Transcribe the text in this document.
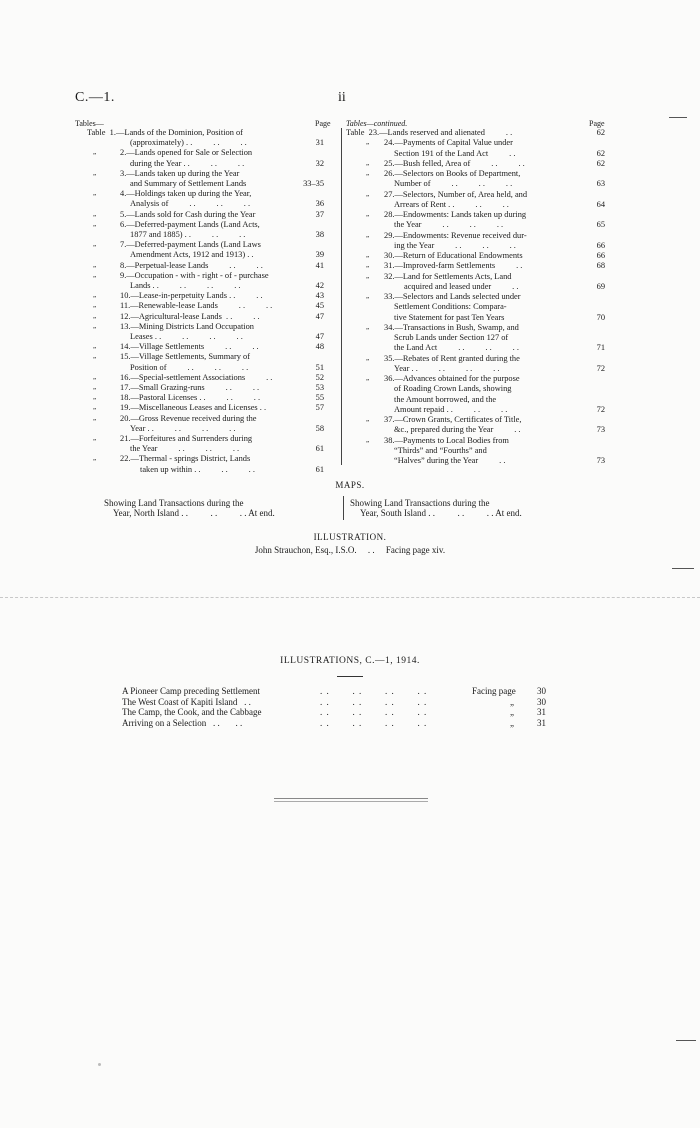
C.—1.	ii
Tables—	Page Tables—continued.	Page
Table  1.—Lands of the Dominion, Position of
(approximately) . .          . .          . .	31
„	2.—Lands opened for Sale or Selection
during the Year . .          . .          . .	32
„	3.—Lands taken up during the Year
and Summary of Settlement Lands	33–35
„	4.—Holdings taken up during the Year,
Analysis of          . .          . .          . .	36
„	5.—Lands sold for Cash during the Year	37
„	6.—Deferred-payment Lands (Land Acts,
1877 and 1885) . .          . .          . .	38
„	7.—Deferred-payment Lands (Land Laws
Amendment Acts, 1912 and 1913) . .	39
„	8.—Perpetual-lease Lands          . .          . .	41
„	9.—Occupation - with - right - of - purchase
Lands . .          . .          . .          . .	42
„	10.—Lease-in-perpetuity Lands . .          . .	43
„	11.—Renewable-lease Lands          . .          . .	45
„	12.—Agricultural-lease Lands  . .          . .	47
„	13.—Mining Districts Land Occupation
Leases . .          . .          . .          . .	47
„	14.—Village Settlements          . .          . .	48
„	15.—Village Settlements, Summary of
Position of          . .          . .          . .	51
„	16.—Special-settlement Associations          . .	52
„	17.—Small Grazing-runs          . .          . .	53
„	18.—Pastoral Licenses . .          . .          . .	55
„	19.—Miscellaneous Leases and Licenses . .	57
„	20.—Gross Revenue received during the
Year . .          . .          . .          . .	58
„	21.—Forfeitures and Surrenders during
the Year          . .          . .          . .	61
„	22.—Thermal - springs District, Lands
taken up within . .          . .          . .	61
Table  23.—Lands reserved and alienated          . .	62
„ 24.—Payments of Capital Value under
Section 191 of the Land Act          . .	62
„ 25.—Bush felled, Area of          . .          . .	62
„ 26.—Selectors on Books of Department,
Number of          . .          . .          . .	63
„ 27.—Selectors, Number of, Area held, and
Arrears of Rent . .          . .          . .	64
„ 28.—Endowments: Lands taken up during
the Year          . .          . .          . .	65
„ 29.—Endowments: Revenue received dur-
ing the Year          . .          . .          . .	66
„ 30.—Return of Educational Endowments	66
„ 31.—Improved-farm Settlements          . .	68
„ 32.—Land for Settlements Acts, Land
acquired and leased under          . .	69
„ 33.—Selectors and Lands selected under
Settlement Conditions: Compara-
tive Statement for past Ten Years	70
„ 34.—Transactions in Bush, Swamp, and
Scrub Lands under Section 127 of
the Land Act          . .          . .          . .	71
„ 35.—Rebates of Rent granted during the
Year . .          . .          . .          . .	72
„ 36.—Advances obtained for the purpose
of Roading Crown Lands, showing
the Amount borrowed, and the
Amount repaid . .          . .          . .	72
„ 37.—Crown Grants, Certificates of Title,
&c., prepared during the Year          . .	73
„ 38.—Payments to Local Bodies from
“Thirds” and “Fourths” and
“Halves” during the Year          . .	73
MAPS.
Showing Land Transactions during the
Year, North Island . .          . .          . . At end.
Showing Land Transactions during the
Year, South Island . .          . .          . . At end.
ILLUSTRATION.
John Strauchon, Esq., I.S.O.     . .     Facing page xiv.
ILLUSTRATIONS, C.—1, 1914.
A Pioneer Camp preceding Settlement	. .       . .       . .       . .	Facing page	30
The West Coast of Kapiti Island   . .	. .       . .       . .       . .	„	30
The Camp, the Cook, and the Cabbage	. .       . .       . .       . .	„	31
Arriving on a Selection   . .       . .	. .       . .       . .       . .	„	31
